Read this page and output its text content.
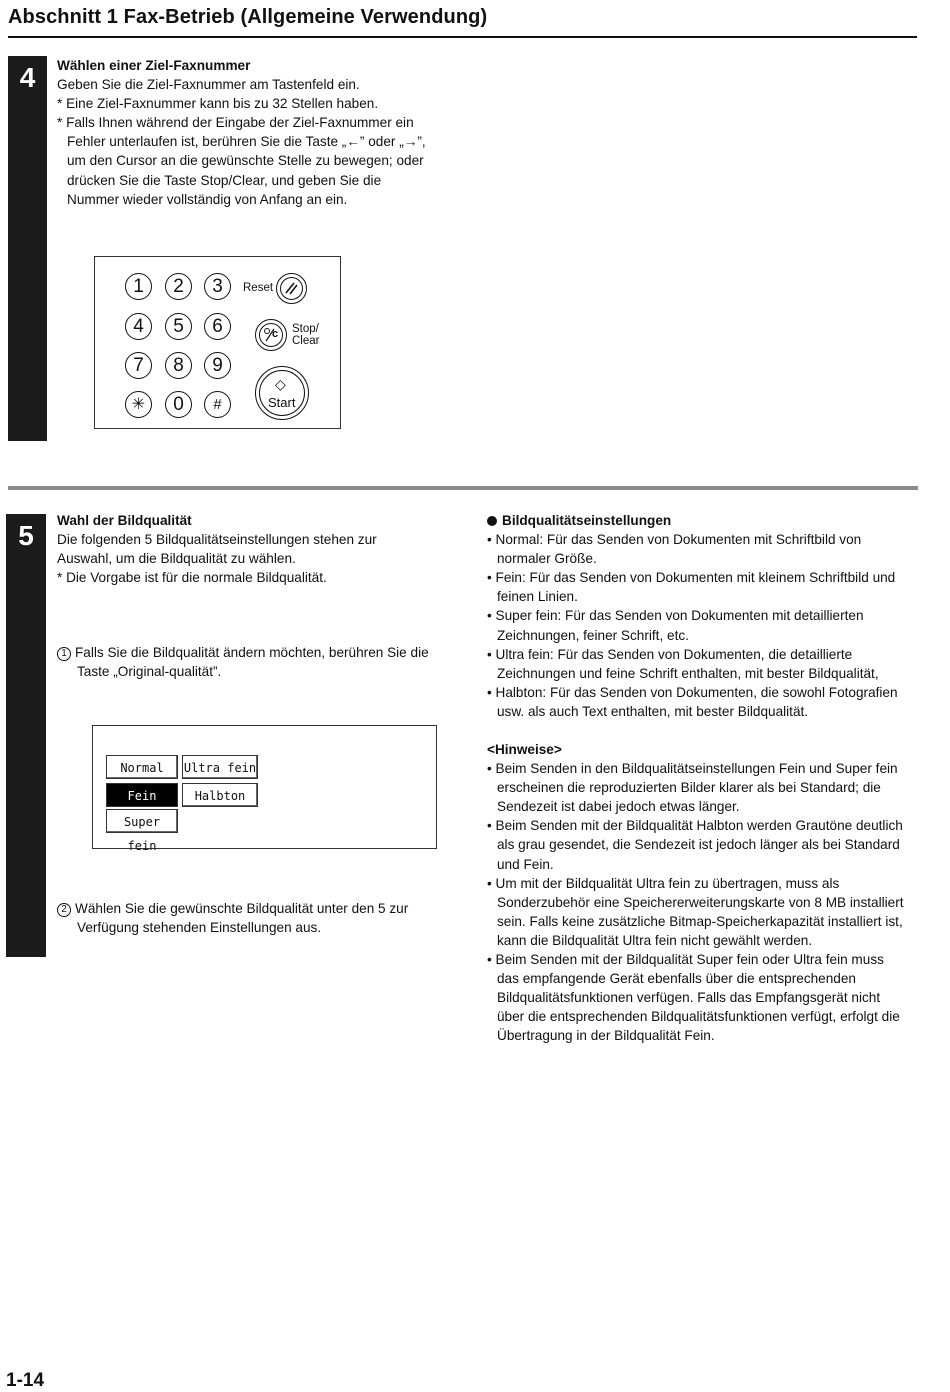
Abschnitt 1 Fax-Betrieb (Allgemeine Verwendung)
4	Wählen einer Ziel-Faxnummer

Geben Sie die Ziel-Faxnummer am Tastenfeld ein.

* Eine Ziel-Faxnummer kann bis zu 32 Stellen haben.

* Falls Ihnen während der Eingabe der Ziel-Faxnummer ein

Fehler unterlaufen ist, berühren Sie die Taste „←” oder „→”,

um den Cursor an die gewünschte Stelle zu bewegen; oder

drücken Sie die Taste Stop/Clear, und geben Sie die

Nummer wieder vollständig von Anfang an ein.

1	2	3
4	5	6
7	8	9
✳	0	#
Reset
c Stop/
Clear
◇
Start
5	Wahl der Bildqualität

Die folgenden 5 Bildqualitätseinstellungen stehen zur

Auswahl, um die Bildqualität zu wählen.

* Die Vorgabe ist für die normale Bildqualität.

1 Falls Sie die Bildqualität ändern möchten, berühren Sie die

Taste „Original-qualität”.

Normal	Ultra fein
Fein	Halbton
Super fein

2 Wählen Sie die gewünschte Bildqualität unter den 5 zur

Verfügung stehenden Einstellungen aus.

Bildqualitätseinstellungen

• Normal: Für das Senden von Dokumenten mit Schriftbild von

normaler Größe.

• Fein: Für das Senden von Dokumenten mit kleinem Schriftbild und

feinen Linien.

• Super fein: Für das Senden von Dokumenten mit detaillierten

Zeichnungen, feiner Schrift, etc.

• Ultra fein: Für das Senden von Dokumenten, die detaillierte

Zeichnungen und feine Schrift enthalten, mit bester Bildqualität,

• Halbton: Für das Senden von Dokumenten, die sowohl Fotografien

usw. als auch Text enthalten, mit bester Bildqualität.

<Hinweise>

• Beim Senden in den Bildqualitätseinstellungen Fein und Super fein

erscheinen die reproduzierten Bilder klarer als bei Standard; die

Sendezeit ist dabei jedoch etwas länger.

• Beim Senden mit der Bildqualität Halbton werden Grautöne deutlich

als grau gesendet, die Sendezeit ist jedoch länger als bei Standard

und Fein.

• Um mit der Bildqualität Ultra fein zu übertragen, muss als

Sonderzubehör eine Speichererweiterungskarte von 8 MB installiert

sein. Falls keine zusätzliche Bitmap-Speicherkapazität installiert ist,

kann die Bildqualität Ultra fein nicht gewählt werden.

• Beim Senden mit der Bildqualität Super fein oder Ultra fein muss

das empfangende Gerät ebenfalls über die entsprechenden

Bildqualitätsfunktionen verfügen. Falls das Empfangsgerät nicht

über die entsprechenden Bildqualitätsfunktionen verfügt, erfolgt die

Übertragung in der Bildqualität Fein.

1-14
